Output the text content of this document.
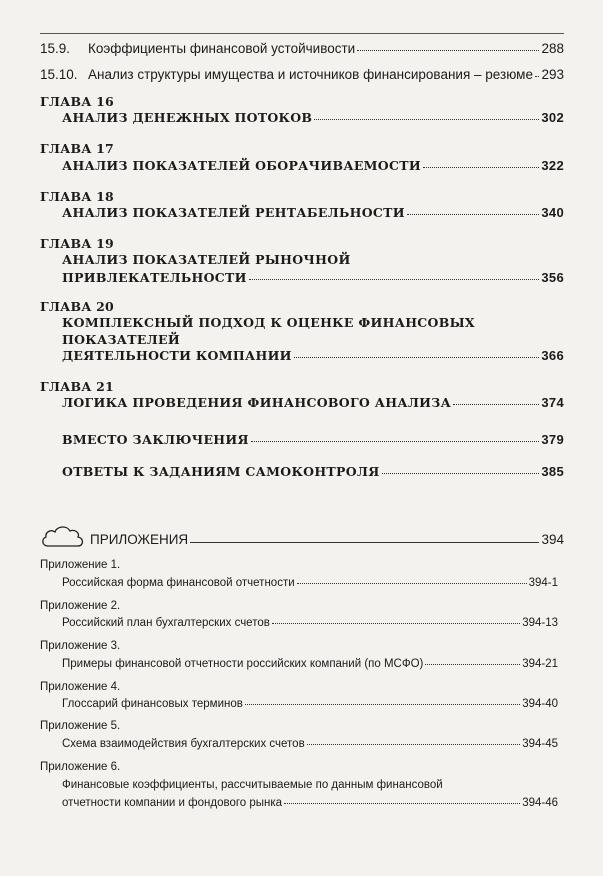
15.9. Коэффициенты финансовой устойчивости	288
15.10. Анализ структуры имущества и источников финансирования – резюме 293
ГЛАВА 16
АНАЛИЗ ДЕНЕЖНЫХ ПОТОКОВ	302
ГЛАВА 17
АНАЛИЗ ПОКАЗАТЕЛЕЙ ОБОРАЧИВАЕМОСТИ	322
ГЛАВА 18
АНАЛИЗ ПОКАЗАТЕЛЕЙ РЕНТАБЕЛЬНОСТИ	340
ГЛАВА 19
АНАЛИЗ ПОКАЗАТЕЛЕЙ РЫНОЧНОЙ
ПРИВЛЕКАТЕЛЬНОСТИ	356
ГЛАВА 20
КОМПЛЕКСНЫЙ ПОДХОД К ОЦЕНКЕ ФИНАНСОВЫХ
ПОКАЗАТЕЛЕЙ
ДЕЯТЕЛЬНОСТИ КОМПАНИИ	366
ГЛАВА 21
ЛОГИКА ПРОВЕДЕНИЯ ФИНАНСОВОГО АНАЛИЗА	374
ВМЕСТО ЗАКЛЮЧЕНИЯ	379
ОТВЕТЫ К ЗАДАНИЯМ САМОКОНТРОЛЯ	385
ПРИЛОЖЕНИЯ	394
Приложение 1.
Российская форма финансовой отчетности	394-1
Приложение 2.
Российский план бухгалтерских счетов	394-13
Приложение 3.
Примеры финансовой отчетности российских компаний (по МСФО)	394-21
Приложение 4.
Глоссарий финансовых терминов	394-40
Приложение 5.
Схема взаимодействия бухгалтерских счетов	394-45
Приложение 6.
Финансовые коэффициенты, рассчитываемые по данным финансовой
отчетности компании и фондового рынка	394-46
